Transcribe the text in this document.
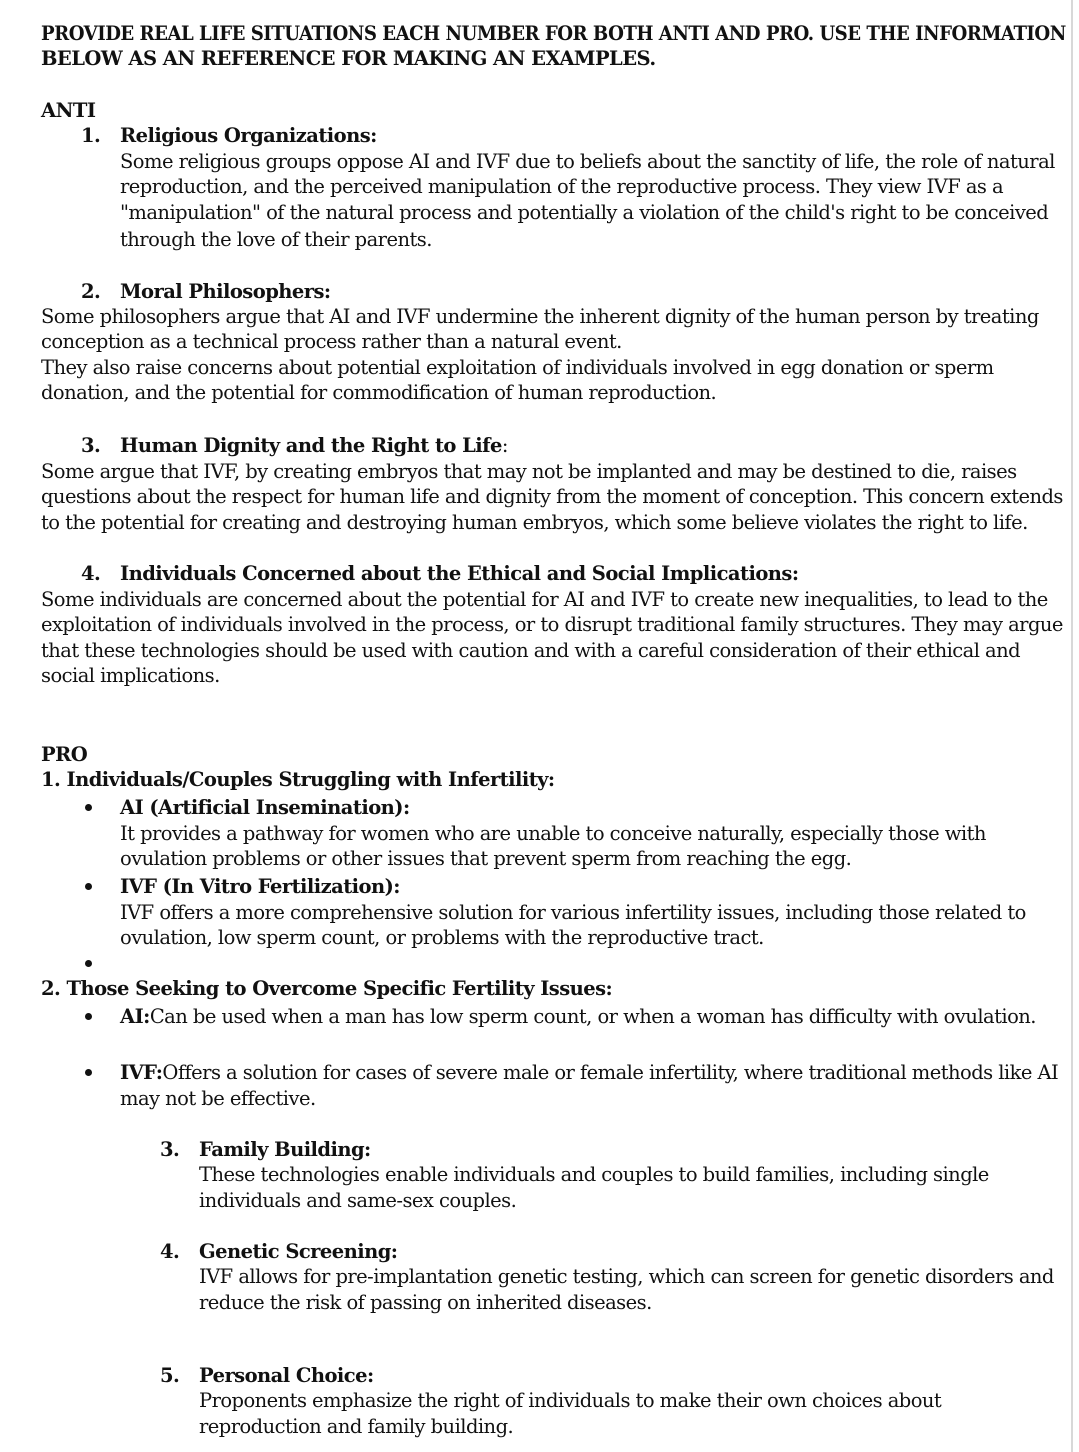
PROVIDE REAL LIFE SITUATIONS EACH NUMBER FOR BOTH ANTI AND PRO. USE THE INFORMATION
BELOW AS AN REFERENCE FOR MAKING AN EXAMPLES.
ANTI
1. Religious Organizations:
Some religious groups oppose AI and IVF due to beliefs about the sanctity of life, the role of natural
reproduction, and the perceived manipulation of the reproductive process. They view IVF as a
"manipulation" of the natural process and potentially a violation of the child's right to be conceived
through the love of their parents.
2. Moral Philosophers:
Some philosophers argue that AI and IVF undermine the inherent dignity of the human person by treating
conception as a technical process rather than a natural event.
They also raise concerns about potential exploitation of individuals involved in egg donation or sperm
donation, and the potential for commodification of human reproduction.
3. Human Dignity and the Right to Life:
Some argue that IVF, by creating embryos that may not be implanted and may be destined to die, raises
questions about the respect for human life and dignity from the moment of conception. This concern extends
to the potential for creating and destroying human embryos, which some believe violates the right to life.
4. Individuals Concerned about the Ethical and Social Implications:
Some individuals are concerned about the potential for AI and IVF to create new inequalities, to lead to the
exploitation of individuals involved in the process, or to disrupt traditional family structures. They may argue
that these technologies should be used with caution and with a careful consideration of their ethical and
social implications.
PRO
1. Individuals/Couples Struggling with Infertility:
AI (Artificial Insemination):
It provides a pathway for women who are unable to conceive naturally, especially those with
ovulation problems or other issues that prevent sperm from reaching the egg.
IVF (In Vitro Fertilization):
IVF offers a more comprehensive solution for various infertility issues, including those related to
ovulation, low sperm count, or problems with the reproductive tract.
2. Those Seeking to Overcome Specific Fertility Issues:
AI:Can be used when a man has low sperm count, or when a woman has difficulty with ovulation.
IVF:Offers a solution for cases of severe male or female infertility, where traditional methods like AI
may not be effective.
3. Family Building:
These technologies enable individuals and couples to build families, including single
individuals and same-sex couples.
4. Genetic Screening:
IVF allows for pre-implantation genetic testing, which can screen for genetic disorders and
reduce the risk of passing on inherited diseases.
5. Personal Choice:
Proponents emphasize the right of individuals to make their own choices about
reproduction and family building.
